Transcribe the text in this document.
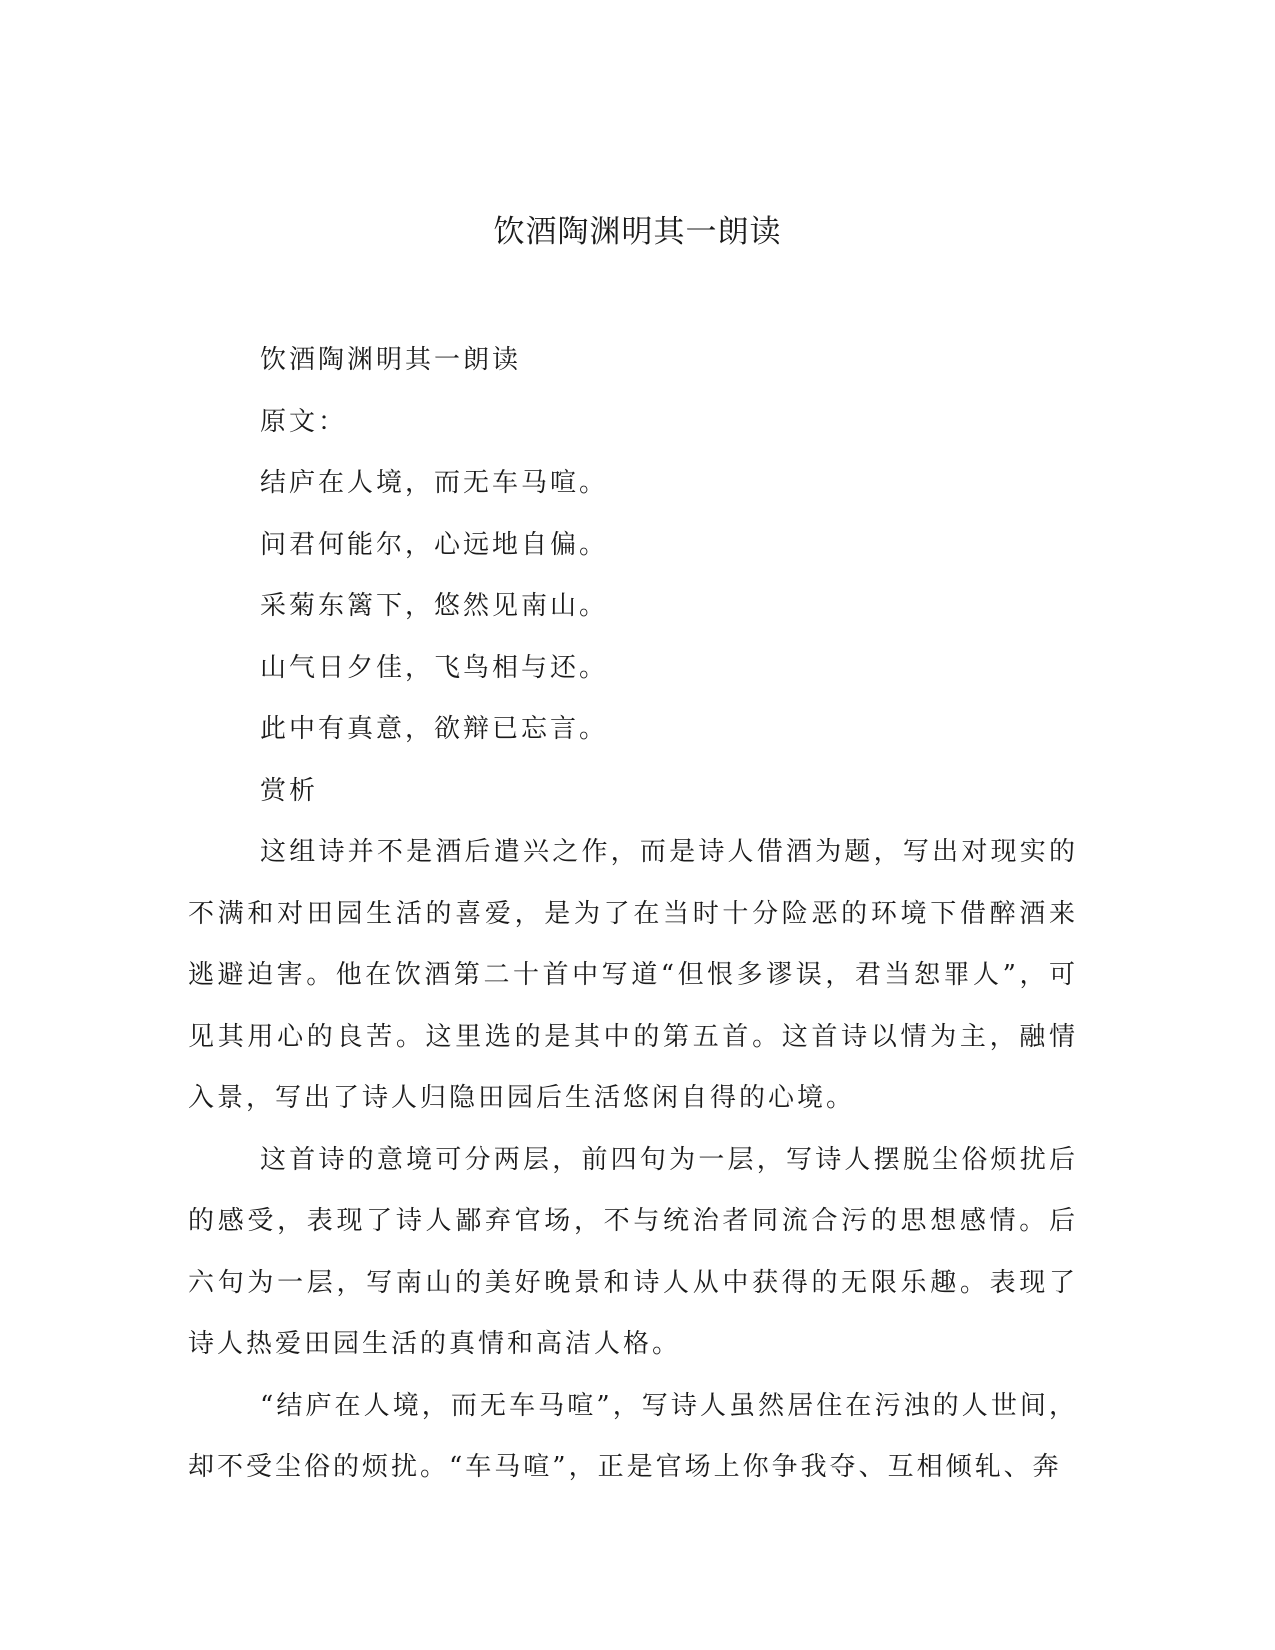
饮酒陶渊明其一朗读

饮酒陶渊明其一朗读

原文：

结庐在人境，而无车马喧。

问君何能尔，心远地自偏。

采菊东篱下，悠然见南山。

山气日夕佳，飞鸟相与还。

此中有真意，欲辩已忘言。

赏析

这组诗并不是酒后遣兴之作，而是诗人借酒为题，写出对现实的不满和对田园生活的喜爱，是为了在当时十分险恶的环境下借醉酒来逃避迫害。他在饮酒第二十首中写道“但恨多谬误，君当恕罪人”，可见其用心的良苦。这里选的是其中的第五首。这首诗以情为主，融情入景，写出了诗人归隐田园后生活悠闲自得的心境。

这首诗的意境可分两层，前四句为一层，写诗人摆脱尘俗烦扰后的感受，表现了诗人鄙弃官场，不与统治者同流合污的思想感情。后六句为一层，写南山的美好晚景和诗人从中获得的无限乐趣。表现了诗人热爱田园生活的真情和高洁人格。

“结庐在人境，而无车马喧”，写诗人虽然居住在污浊的人世间，却不受尘俗的烦扰。“车马喧”，正是官场上你争我夺、互相倾轧、奔
